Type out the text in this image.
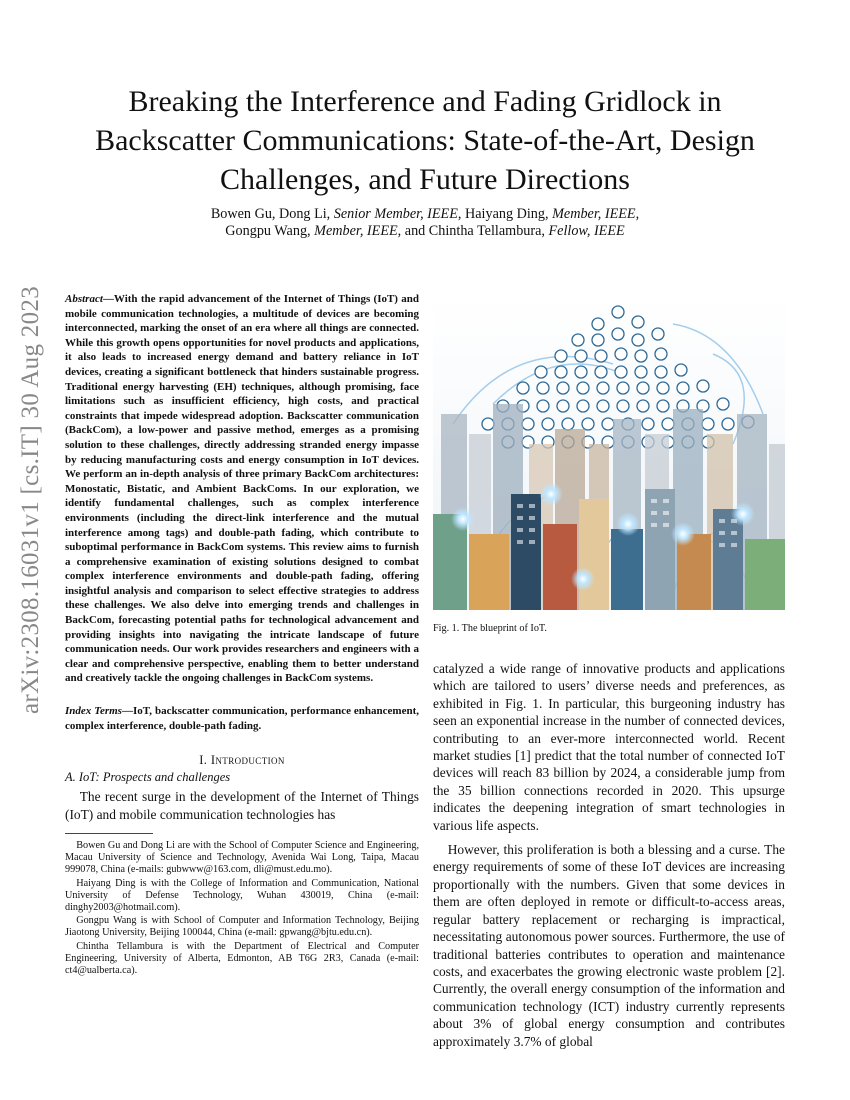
arXiv:2308.16031v1 [cs.IT] 30 Aug 2023
Breaking the Interference and Fading Gridlock in Backscatter Communications: State-of-the-Art, Design Challenges, and Future Directions
Bowen Gu, Dong Li, Senior Member, IEEE, Haiyang Ding, Member, IEEE,
Gongpu Wang, Member, IEEE, and Chintha Tellambura, Fellow, IEEE

Abstract—With the rapid advancement of the Internet of Things (IoT) and mobile communication technologies, a multitude of devices are becoming interconnected, marking the onset of an era where all things are connected. While this growth opens opportunities for novel products and applications, it also leads to increased energy demand and battery reliance in IoT devices, creating a significant bottleneck that hinders sustainable progress. Traditional energy harvesting (EH) techniques, although promising, face limitations such as insufficient efficiency, high costs, and practical constraints that impede widespread adoption. Backscatter communication (BackCom), a low-power and passive method, emerges as a promising solution to these challenges, directly addressing stranded energy impasse by reducing manufacturing costs and energy consumption in IoT devices. We perform an in-depth analysis of three primary BackCom architectures: Monostatic, Bistatic, and Ambient BackComs. In our exploration, we identify fundamental challenges, such as complex interference environments (including the direct-link interference and the mutual interference among tags) and double-path fading, which contribute to suboptimal performance in BackCom systems. This review aims to furnish a comprehensive examination of existing solutions designed to combat complex interference environments and double-path fading, offering insightful analysis and comparison to select effective strategies to address these challenges. We also delve into emerging trends and challenges in BackCom, forecasting potential paths for technological advancement and providing insights into navigating the intricate landscape of future communication needs. Our work provides researchers and engineers with a clear and comprehensive perspective, enabling them to better understand and creatively tackle the ongoing challenges in BackCom systems.

Index Terms—IoT, backscatter communication, performance enhancement, complex interference, double-path fading.

I. Introduction
A. IoT: Prospects and challenges

The recent surge in the development of the Internet of Things (IoT) and mobile communication technologies has

Bowen Gu and Dong Li are with the School of Computer Science and Engineering, Macau University of Science and Technology, Avenida Wai Long, Taipa, Macau 999078, China (e-mails: gubwww@163.com, dli@must.edu.mo).

Haiyang Ding is with the College of Information and Communication, National University of Defense Technology, Wuhan 430019, China (e-mail: dinghy2003@hotmail.com).

Gongpu Wang is with School of Computer and Information Technology, Beijing Jiaotong University, Beijing 100044, China (e-mail: gpwang@bjtu.edu.cn).

Chintha Tellambura is with the Department of Electrical and Computer Engineering, University of Alberta, Edmonton, AB T6G 2R3, Canada (e-mail: ct4@ualberta.ca).

Fig. 1. The blueprint of IoT.

catalyzed a wide range of innovative products and applications which are tailored to users’ diverse needs and preferences, as exhibited in Fig. 1. In particular, this burgeoning industry has seen an exponential increase in the number of connected devices, contributing to an ever-more interconnected world. Recent market studies [1] predict that the total number of connected IoT devices will reach 83 billion by 2024, a considerable jump from the 35 billion connections recorded in 2020. This upsurge indicates the deepening integration of smart technologies in various life aspects.

However, this proliferation is both a blessing and a curse. The energy requirements of some of these IoT devices are increasing proportionally with the numbers. Given that some devices in them are often deployed in remote or difficult-to-access areas, regular battery replacement or recharging is impractical, necessitating autonomous power sources. Furthermore, the use of traditional batteries contributes to operation and maintenance costs, and exacerbates the growing electronic waste problem [2]. Currently, the overall energy consumption of the information and communication technology (ICT) industry currently represents about 3% of global energy consumption and contributes approximately 3.7% of global
